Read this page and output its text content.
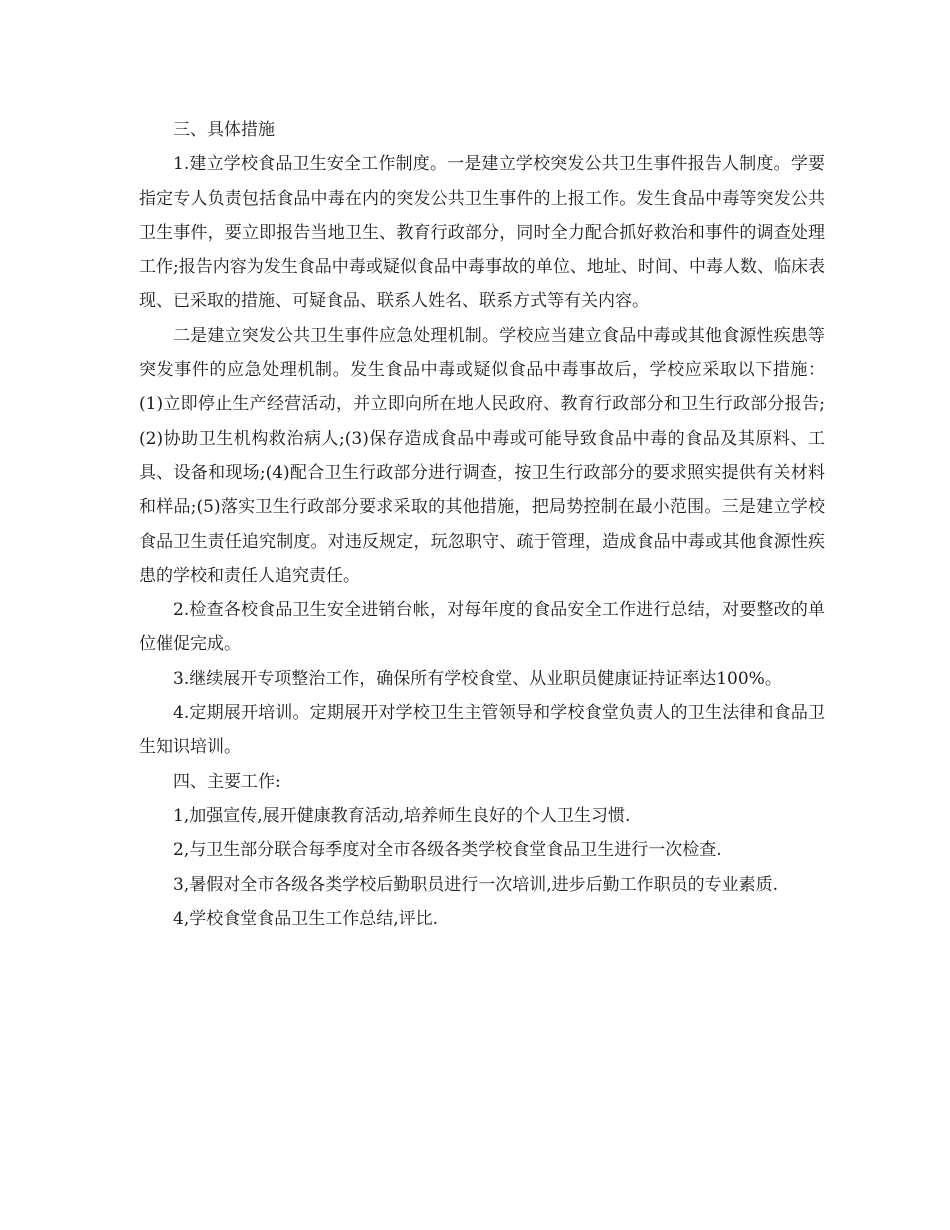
三、具体措施

1.建立学校食品卫生安全工作制度。一是建立学校突发公共卫生事件报告人制度。学要指定专人负责包括食品中毒在内的突发公共卫生事件的上报工作。发生食品中毒等突发公共卫生事件，要立即报告当地卫生、教育行政部分，同时全力配合抓好救治和事件的调查处理工作;报告内容为发生食品中毒或疑似食品中毒事故的单位、地址、时间、中毒人数、临床表现、已采取的措施、可疑食品、联系人姓名、联系方式等有关内容。

二是建立突发公共卫生事件应急处理机制。学校应当建立食品中毒或其他食源性疾患等突发事件的应急处理机制。发生食品中毒或疑似食品中毒事故后，学校应采取以下措施：(1)立即停止生产经营活动，并立即向所在地人民政府、教育行政部分和卫生行政部分报告;(2)协助卫生机构救治病人;(3)保存造成食品中毒或可能导致食品中毒的食品及其原料、工具、设备和现场;(4)配合卫生行政部分进行调查，按卫生行政部分的要求照实提供有关材料和样品;(5)落实卫生行政部分要求采取的其他措施，把局势控制在最小范围。三是建立学校食品卫生责任追究制度。对违反规定，玩忽职守、疏于管理，造成食品中毒或其他食源性疾患的学校和责任人追究责任。

2.检查各校食品卫生安全进销台帐，对每年度的食品安全工作进行总结，对要整改的单位催促完成。

3.继续展开专项整治工作，确保所有学校食堂、从业职员健康证持证率达100%。

4.定期展开培训。定期展开对学校卫生主管领导和学校食堂负责人的卫生法律和食品卫生知识培训。

四、主要工作:

1,加强宣传,展开健康教育活动,培养师生良好的个人卫生习惯.

2,与卫生部分联合每季度对全市各级各类学校食堂食品卫生进行一次检查.

3,暑假对全市各级各类学校后勤职员进行一次培训,进步后勤工作职员的专业素质.

4,学校食堂食品卫生工作总结,评比.
